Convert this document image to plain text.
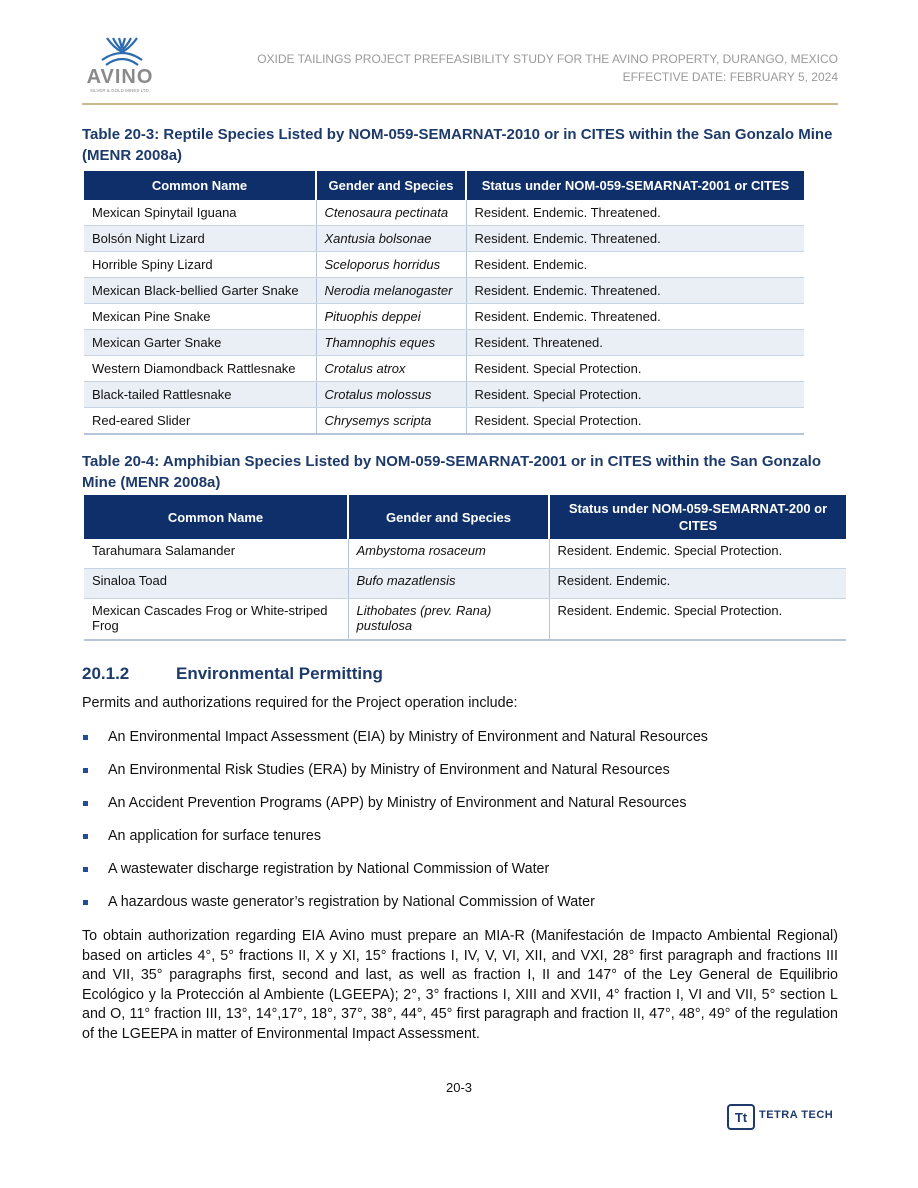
AVINO
SILVER & GOLD MINES LTD.
OXIDE TAILINGS PROJECT PREFEASIBILITY STUDY FOR THE AVINO PROPERTY, DURANGO, MEXICO
EFFECTIVE DATE: FEBRUARY 5, 2024
Table 20-3: Reptile Species Listed by NOM-059-SEMARNAT-2010 or in CITES within the San Gonzalo Mine (MENR 2008a)
Common Name	Gender and Species	Status under NOM-059-SEMARNAT-2001 or CITES
Mexican Spinytail Iguana	Ctenosaura pectinata	Resident. Endemic. Threatened.
Bolsón Night Lizard	Xantusia bolsonae	Resident. Endemic. Threatened.
Horrible Spiny Lizard	Sceloporus horridus	Resident. Endemic.
Mexican Black-bellied Garter Snake	Nerodia melanogaster	Resident. Endemic. Threatened.
Mexican Pine Snake	Pituophis deppei	Resident. Endemic. Threatened.
Mexican Garter Snake	Thamnophis eques	Resident. Threatened.
Western Diamondback Rattlesnake	Crotalus atrox	Resident. Special Protection.
Black-tailed Rattlesnake	Crotalus molossus	Resident. Special Protection.
Red-eared Slider	Chrysemys scripta	Resident. Special Protection.
Table 20-4: Amphibian Species Listed by NOM-059-SEMARNAT-2001 or in CITES within the San Gonzalo Mine (MENR 2008a)
Common Name	Gender and Species	Status under NOM-059-SEMARNAT-200 or CITES
Tarahumara Salamander	Ambystoma rosaceum	Resident. Endemic. Special Protection.
Sinaloa Toad	Bufo mazatlensis	Resident. Endemic.
Mexican Cascades Frog or White-striped Frog	Lithobates (prev. Rana) pustulosa	Resident. Endemic. Special Protection.
20.1.2	Environmental Permitting
Permits and authorizations required for the Project operation include:
An Environmental Impact Assessment (EIA) by Ministry of Environment and Natural Resources
An Environmental Risk Studies (ERA) by Ministry of Environment and Natural Resources
An Accident Prevention Programs (APP) by Ministry of Environment and Natural Resources
An application for surface tenures
A wastewater discharge registration by National Commission of Water
A hazardous waste generator’s registration by National Commission of Water
To obtain authorization regarding EIA Avino must prepare an MIA-R (Manifestación de Impacto Ambiental Regional) based on articles 4°, 5° fractions II, X y XI, 15° fractions I, IV, V, VI, XII, and VXI, 28° first paragraph and fractions III and VII, 35° paragraphs first, second and last, as well as fraction I, II and 147° of the Ley General de Equilibrio Ecológico y la Protección al Ambiente (LGEEPA); 2°, 3° fractions I, XIII and XVII, 4° fraction I, VI and VII, 5° section L and O, 11° fraction III, 13°, 14°,17°, 18°, 37°, 38°, 44°, 45° first paragraph and fraction II, 47°, 48°, 49° of the regulation of the LGEEPA in matter of Environmental Impact Assessment.
20-3
Tt TETRA TECH
